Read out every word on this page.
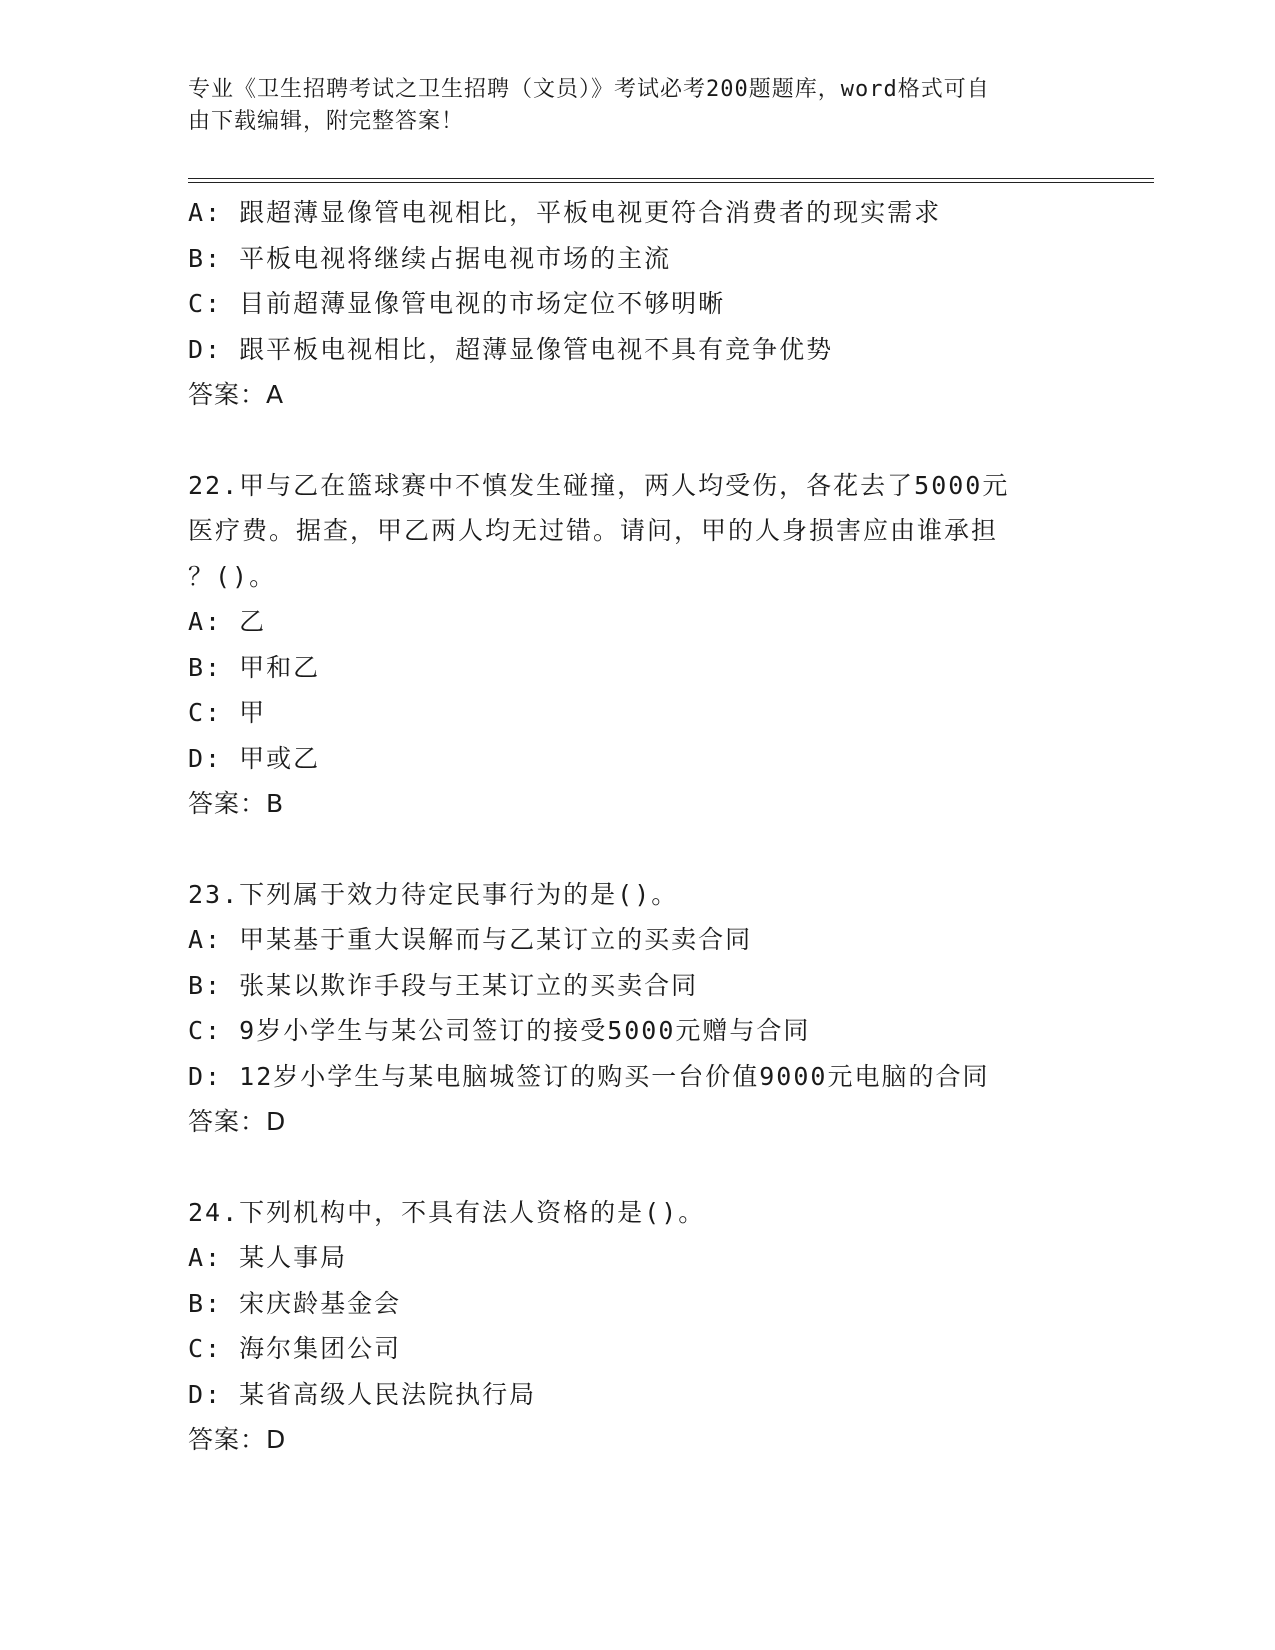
专业《卫生招聘考试之卫生招聘（文员）》考试必考200题题库，word格式可自
由下载编辑，附完整答案！
A: 跟超薄显像管电视相比，平板电视更符合消费者的现实需求
B: 平板电视将继续占据电视市场的主流
C: 目前超薄显像管电视的市场定位不够明晰
D: 跟平板电视相比，超薄显像管电视不具有竞争优势
答案：A
22.甲与乙在篮球赛中不慎发生碰撞，两人均受伤，各花去了5000元
医疗费。据查，甲乙两人均无过错。请问，甲的人身损害应由谁承担
？()。
A: 乙
B: 甲和乙
C: 甲
D: 甲或乙
答案：B
23.下列属于效力待定民事行为的是()。
A: 甲某基于重大误解而与乙某订立的买卖合同
B: 张某以欺诈手段与王某订立的买卖合同
C: 9岁小学生与某公司签订的接受5000元赠与合同
D: 12岁小学生与某电脑城签订的购买一台价值9000元电脑的合同
答案：D
24.下列机构中，不具有法人资格的是()。
A: 某人事局
B: 宋庆龄基金会
C: 海尔集团公司
D: 某省高级人民法院执行局
答案：D
